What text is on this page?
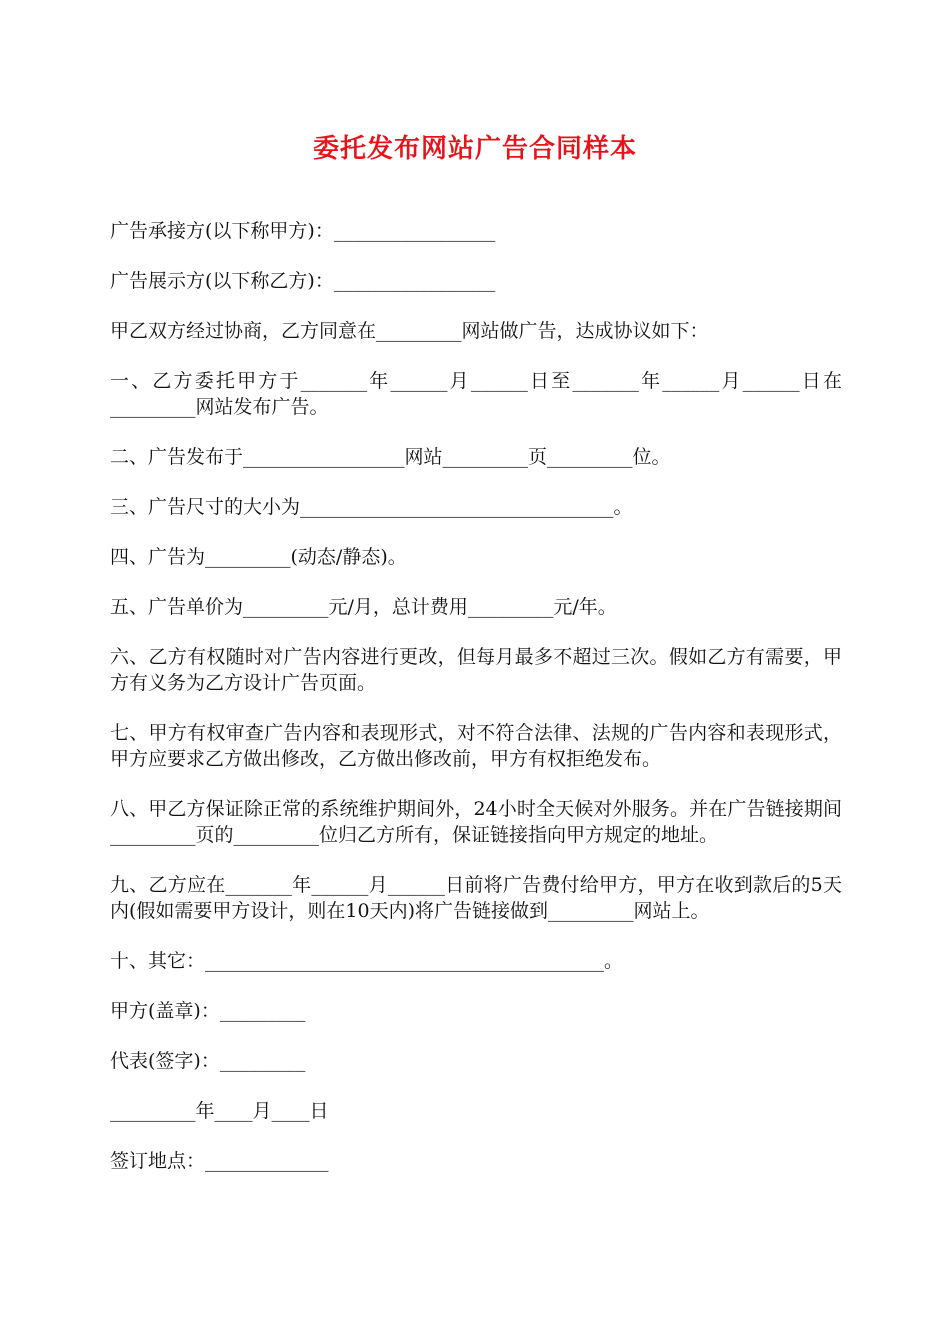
委托发布网站广告合同样本

广告承接方(以下称甲方)：_________________

广告展示方(以下称乙方)：_________________

甲乙双方经过协商，乙方同意在_________网站做广告，达成协议如下：

一、乙方委托甲方于_______年______月______日至_______年______月______日在_________网站发布广告。

二、广告发布于_________________网站_________页_________位。

三、广告尺寸的大小为_________________________________。

四、广告为_________(动态/静态)。

五、广告单价为_________元/月，总计费用_________元/年。

六、乙方有权随时对广告内容进行更改，但每月最多不超过三次。假如乙方有需要，甲方有义务为乙方设计广告页面。

七、甲方有权审查广告内容和表现形式，对不符合法律、法规的广告内容和表现形式，甲方应要求乙方做出修改，乙方做出修改前，甲方有权拒绝发布。

八、甲乙方保证除正常的系统维护期间外，24小时全天候对外服务。并在广告链接期间_________页的_________位归乙方所有，保证链接指向甲方规定的地址。

九、乙方应在_______年______月______日前将广告费付给甲方，甲方在收到款后的5天内(假如需要甲方设计，则在10天内)将广告链接做到_________网站上。

十、其它：__________________________________________。

甲方(盖章)：_________

代表(签字)：_________

_________年____月____日

签订地点：_____________
